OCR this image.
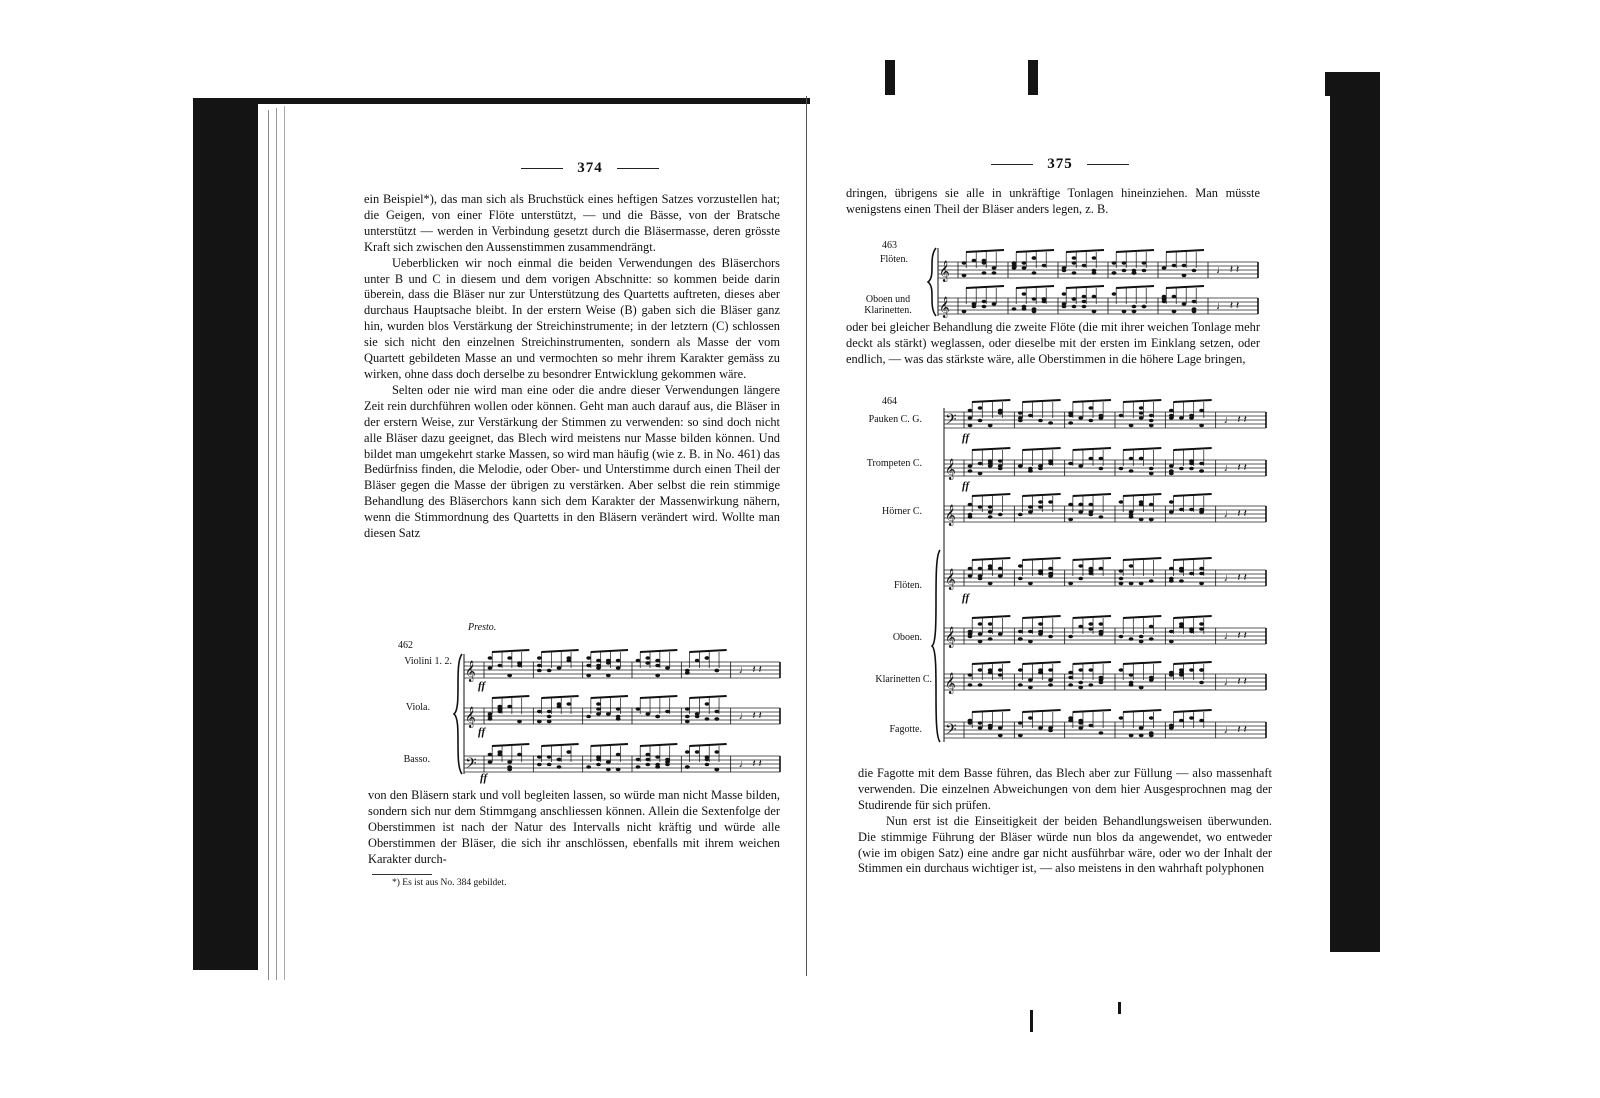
374

ein Beispiel*), das man sich als Bruchstück eines heftigen Satzes vorzustellen hat; die Geigen, von einer Flöte unterstützt, — und die Bässe, von der Bratsche unterstützt — werden in Verbindung gesetzt durch die Bläsermasse, deren grösste Kraft sich zwischen den Aussenstimmen zusammendrängt.

Ueberblicken wir noch einmal die beiden Verwendungen des Bläserchors unter B und C in diesem und dem vorigen Abschnitte: so kommen beide darin überein, dass die Bläser nur zur Unterstützung des Quartetts auftreten, dieses aber durchaus Hauptsache bleibt. In der erstern Weise (B) gaben sich die Bläser ganz hin, wurden blos Verstärkung der Streichinstrumente; in der letztern (C) schlossen sie sich nicht den einzelnen Streichinstrumenten, sondern als Masse der vom Quartett gebildeten Masse an und vermochten so mehr ihrem Karakter gemäss zu wirken, ohne dass doch derselbe zu besondrer Entwicklung gekommen wäre.

Selten oder nie wird man eine oder die andre dieser Verwendungen längere Zeit rein durchführen wollen oder können. Geht man auch darauf aus, die Bläser in der erstern Weise, zur Verstärkung der Stimmen zu verwenden: so sind doch nicht alle Bläser dazu geeignet, das Blech wird meistens nur Masse bilden können. Und bildet man umgekehrt starke Massen, so wird man häufig (wie z. B. in No. 461) das Bedürfniss finden, die Melodie, oder Ober- und Unterstimme durch einen Theil der Bläser gegen die Masse der übrigen zu verstärken. Aber selbst die rein stimmige Behandlung des Bläserchors kann sich dem Karakter der Massenwirkung nähern, wenn die Stimmordnung des Quartetts in den Bläsern verändert wird. Wollte man diesen Satz

Presto.
462
Violini 1. 2.
Viola.
Basso.
ff
ff
ff
𝄞	♩ 𝄽 𝄽
𝄞	♩ 𝄽 𝄽
𝄢	♩ 𝄽 𝄽

von den Bläsern stark und voll begleiten lassen, so würde man nicht Masse bilden, sondern sich nur dem Stimmgang anschliessen können. Allein die Sextenfolge der Oberstimmen ist nach der Natur des Intervalls nicht kräftig und würde alle Oberstimmen der Bläser, die sich ihr anschlössen, ebenfalls mit ihrem weichen Karakter durch-

*) Es ist aus No. 384 gebildet.
375

dringen, übrigens sie alle in unkräftige Tonlagen hineinziehen. Man müsste wenigstens einen Theil der Bläser anders legen, z. B.

463
Flöten.
Oboen und Klarinetten.
𝄞	♩ 𝄽 𝄽
𝄞	♩ 𝄽 𝄽

oder bei gleicher Behandlung die zweite Flöte (die mit ihrer weichen Tonlage mehr deckt als stärkt) weglassen, oder dieselbe mit der ersten im Einklang setzen, oder endlich, — was das stärkste wäre, alle Oberstimmen in die höhere Lage bringen,

464
Pauken C. G.
Trompeten C.
Hörner C.
Flöten.
Oboen.
Klarinetten C.
Fagotte.
ff
ff
ff
𝄢	♩ 𝄽 𝄽
𝄞	♩ 𝄽 𝄽
𝄞	♩ 𝄽 𝄽
𝄞	♩ 𝄽 𝄽
𝄞	♩ 𝄽 𝄽
𝄞	♩ 𝄽 𝄽
𝄢	♩ 𝄽 𝄽

die Fagotte mit dem Basse führen, das Blech aber zur Füllung — also massenhaft verwenden. Die einzelnen Abweichungen von dem hier Ausgesprochnen mag der Studirende für sich prüfen.

Nun erst ist die Einseitigkeit der beiden Behandlungsweisen überwunden. Die stimmige Führung der Bläser würde nun blos da angewendet, wo entweder (wie im obigen Satz) eine andre gar nicht ausführbar wäre, oder wo der Inhalt der Stimmen ein durchaus wichtiger ist, — also meistens in den wahrhaft polyphonen
